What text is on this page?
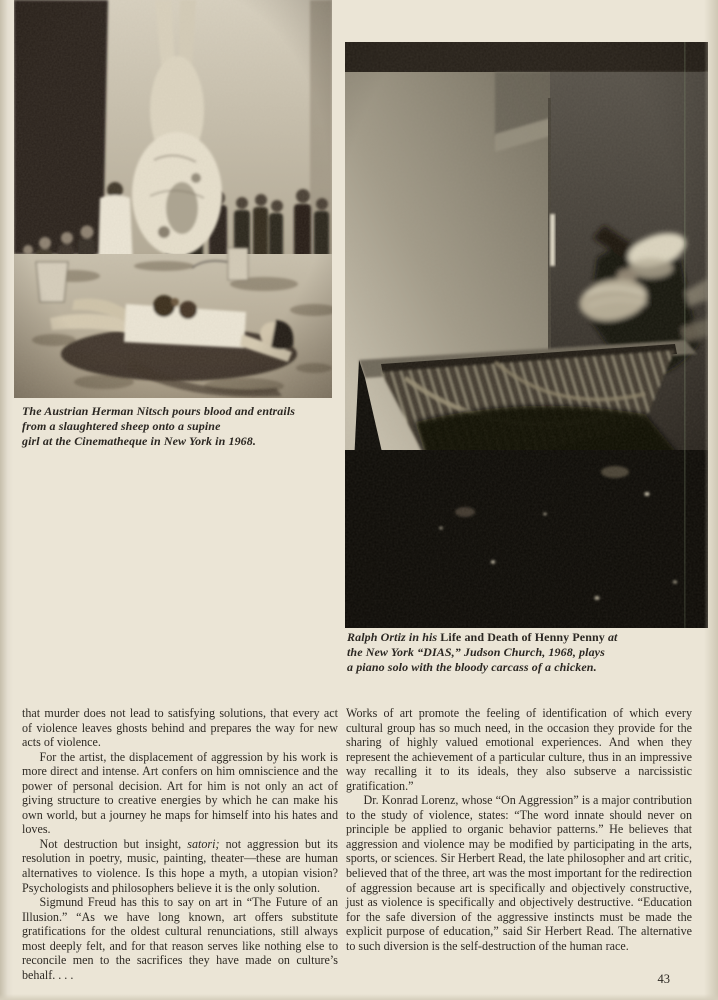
The Austrian Herman Nitsch pours blood and entrails
from a slaughtered sheep onto a supine
girl at the Cinematheque in New York in 1968.
Ralph Ortiz in his Life and Death of Henny Penny at
the New York “DIAS,” Judson Church, 1968, plays
a piano solo with the bloody carcass of a chicken.

that murder does not lead to satisfying solutions, that every act of violence leaves ghosts behind and prepares the way for new acts of violence.

For the artist, the displacement of aggression by his work is more direct and intense. Art confers on him omniscience and the power of personal decision. Art for him is not only an act of giving structure to creative energies by which he can make his own world, but a journey he maps for himself into his hates and loves.

Not destruction but insight, satori; not aggression but its resolution in poetry, music, painting, theater—these are human alternatives to violence. Is this hope a myth, a utopian vision? Psychologists and philosophers believe it is the only solution.

Sigmund Freud has this to say on art in “The Future of an Illusion.” “As we have long known, art offers substitute gratifications for the oldest cultural renunciations, still always most deeply felt, and for that reason serves like nothing else to reconcile men to the sacrifices they have made on culture’s behalf. . . .

Works of art promote the feeling of identification of which every cultural group has so much need, in the occasion they provide for the sharing of highly valued emotional experiences. And when they represent the achievement of a particular culture, thus in an impressive way recalling it to its ideals, they also subserve a narcissistic gratification.”

Dr. Konrad Lorenz, whose “On Aggression” is a major contribution to the study of violence, states: “The word innate should never on principle be applied to organic behavior patterns.” He believes that aggression and violence may be modified by participating in the arts, sports, or sciences. Sir Herbert Read, the late philosopher and art critic, believed that of the three, art was the most important for the redirection of aggression because art is specifically and objectively constructive, just as violence is specifically and objectively destructive. “Education for the safe diversion of the aggressive instincts must be made the explicit purpose of education,” said Sir Herbert Read. The alternative to such diversion is the self-destruction of the human race.

43
